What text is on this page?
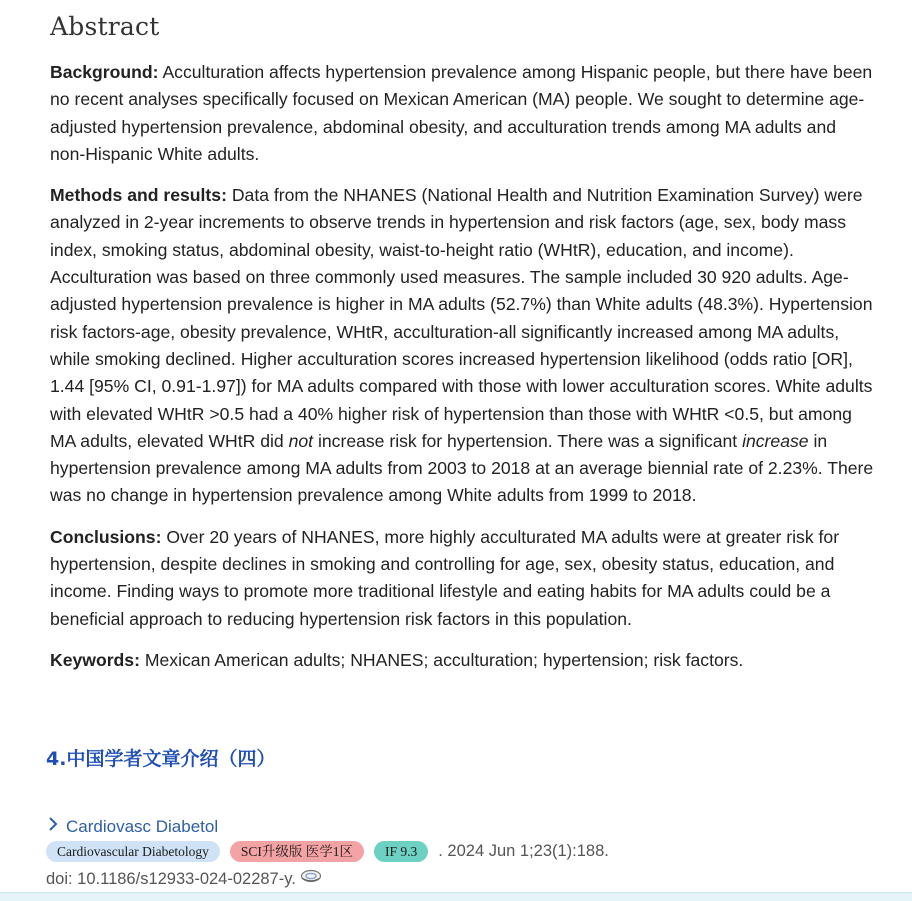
Abstract

Background: Acculturation affects hypertension prevalence among Hispanic people, but there have been no recent analyses specifically focused on Mexican American (MA) people. We sought to determine age-adjusted hypertension prevalence, abdominal obesity, and acculturation trends among MA adults and non-Hispanic White adults.

Methods and results: Data from the NHANES (National Health and Nutrition Examination Survey) were analyzed in 2-year increments to observe trends in hypertension and risk factors (age, sex, body mass index, smoking status, abdominal obesity, waist-to-height ratio (WHtR), education, and income). Acculturation was based on three commonly used measures. The sample included 30 920 adults. Age-adjusted hypertension prevalence is higher in MA adults (52.7%) than White adults (48.3%). Hypertension risk factors-age, obesity prevalence, WHtR, acculturation-all significantly increased among MA adults, while smoking declined. Higher acculturation scores increased hypertension likelihood (odds ratio [OR], 1.44 [95% CI, 0.91-1.97]) for MA adults compared with those with lower acculturation scores. White adults with elevated WHtR >0.5 had a 40% higher risk of hypertension than those with WHtR <0.5, but among MA adults, elevated WHtR did not increase risk for hypertension. There was a significant increase in hypertension prevalence among MA adults from 2003 to 2018 at an average biennial rate of 2.23%. There was no change in hypertension prevalence among White adults from 1999 to 2018.

Conclusions: Over 20 years of NHANES, more highly acculturated MA adults were at greater risk for hypertension, despite declines in smoking and controlling for age, sex, obesity status, education, and income. Finding ways to promote more traditional lifestyle and eating habits for MA adults could be a beneficial approach to reducing hypertension risk factors in this population.

Keywords: Mexican American adults; NHANES; acculturation; hypertension; risk factors.

4.中国学者文章介绍（四）
Cardiovasc Diabetol
Cardiovascular Diabetology	SCI升级版 医学1区	IF 9.3	. 2024 Jun 1;23(1):188.
doi: 10.1186/s12933-024-02287-y.
